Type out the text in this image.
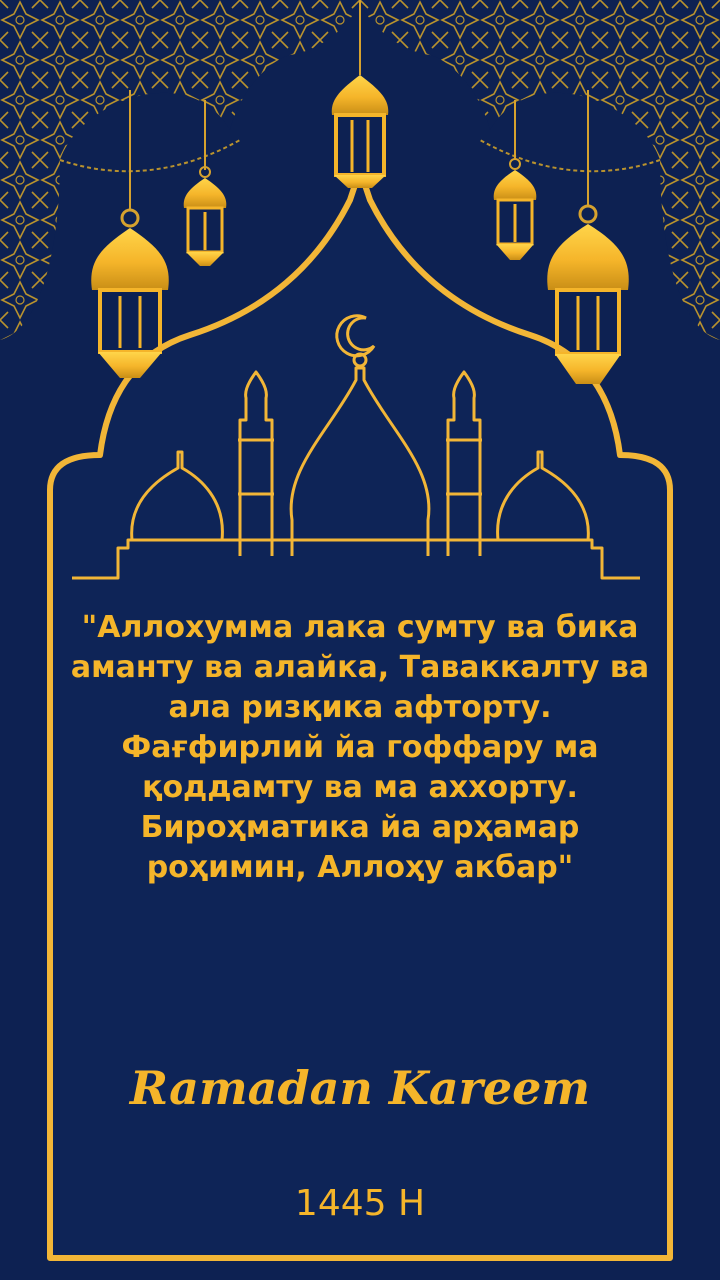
"Аллохумма лака сумту ва бика аманту ва алайка, Таваккалту ва ала ризқика афторту. Фағфирлий йа гоффару ма қоддамту ва ма аххорту. Бироҳматика йа арҳамар роҳимин, Аллоҳу акбар"

Ramadan Kareem

1445 H
